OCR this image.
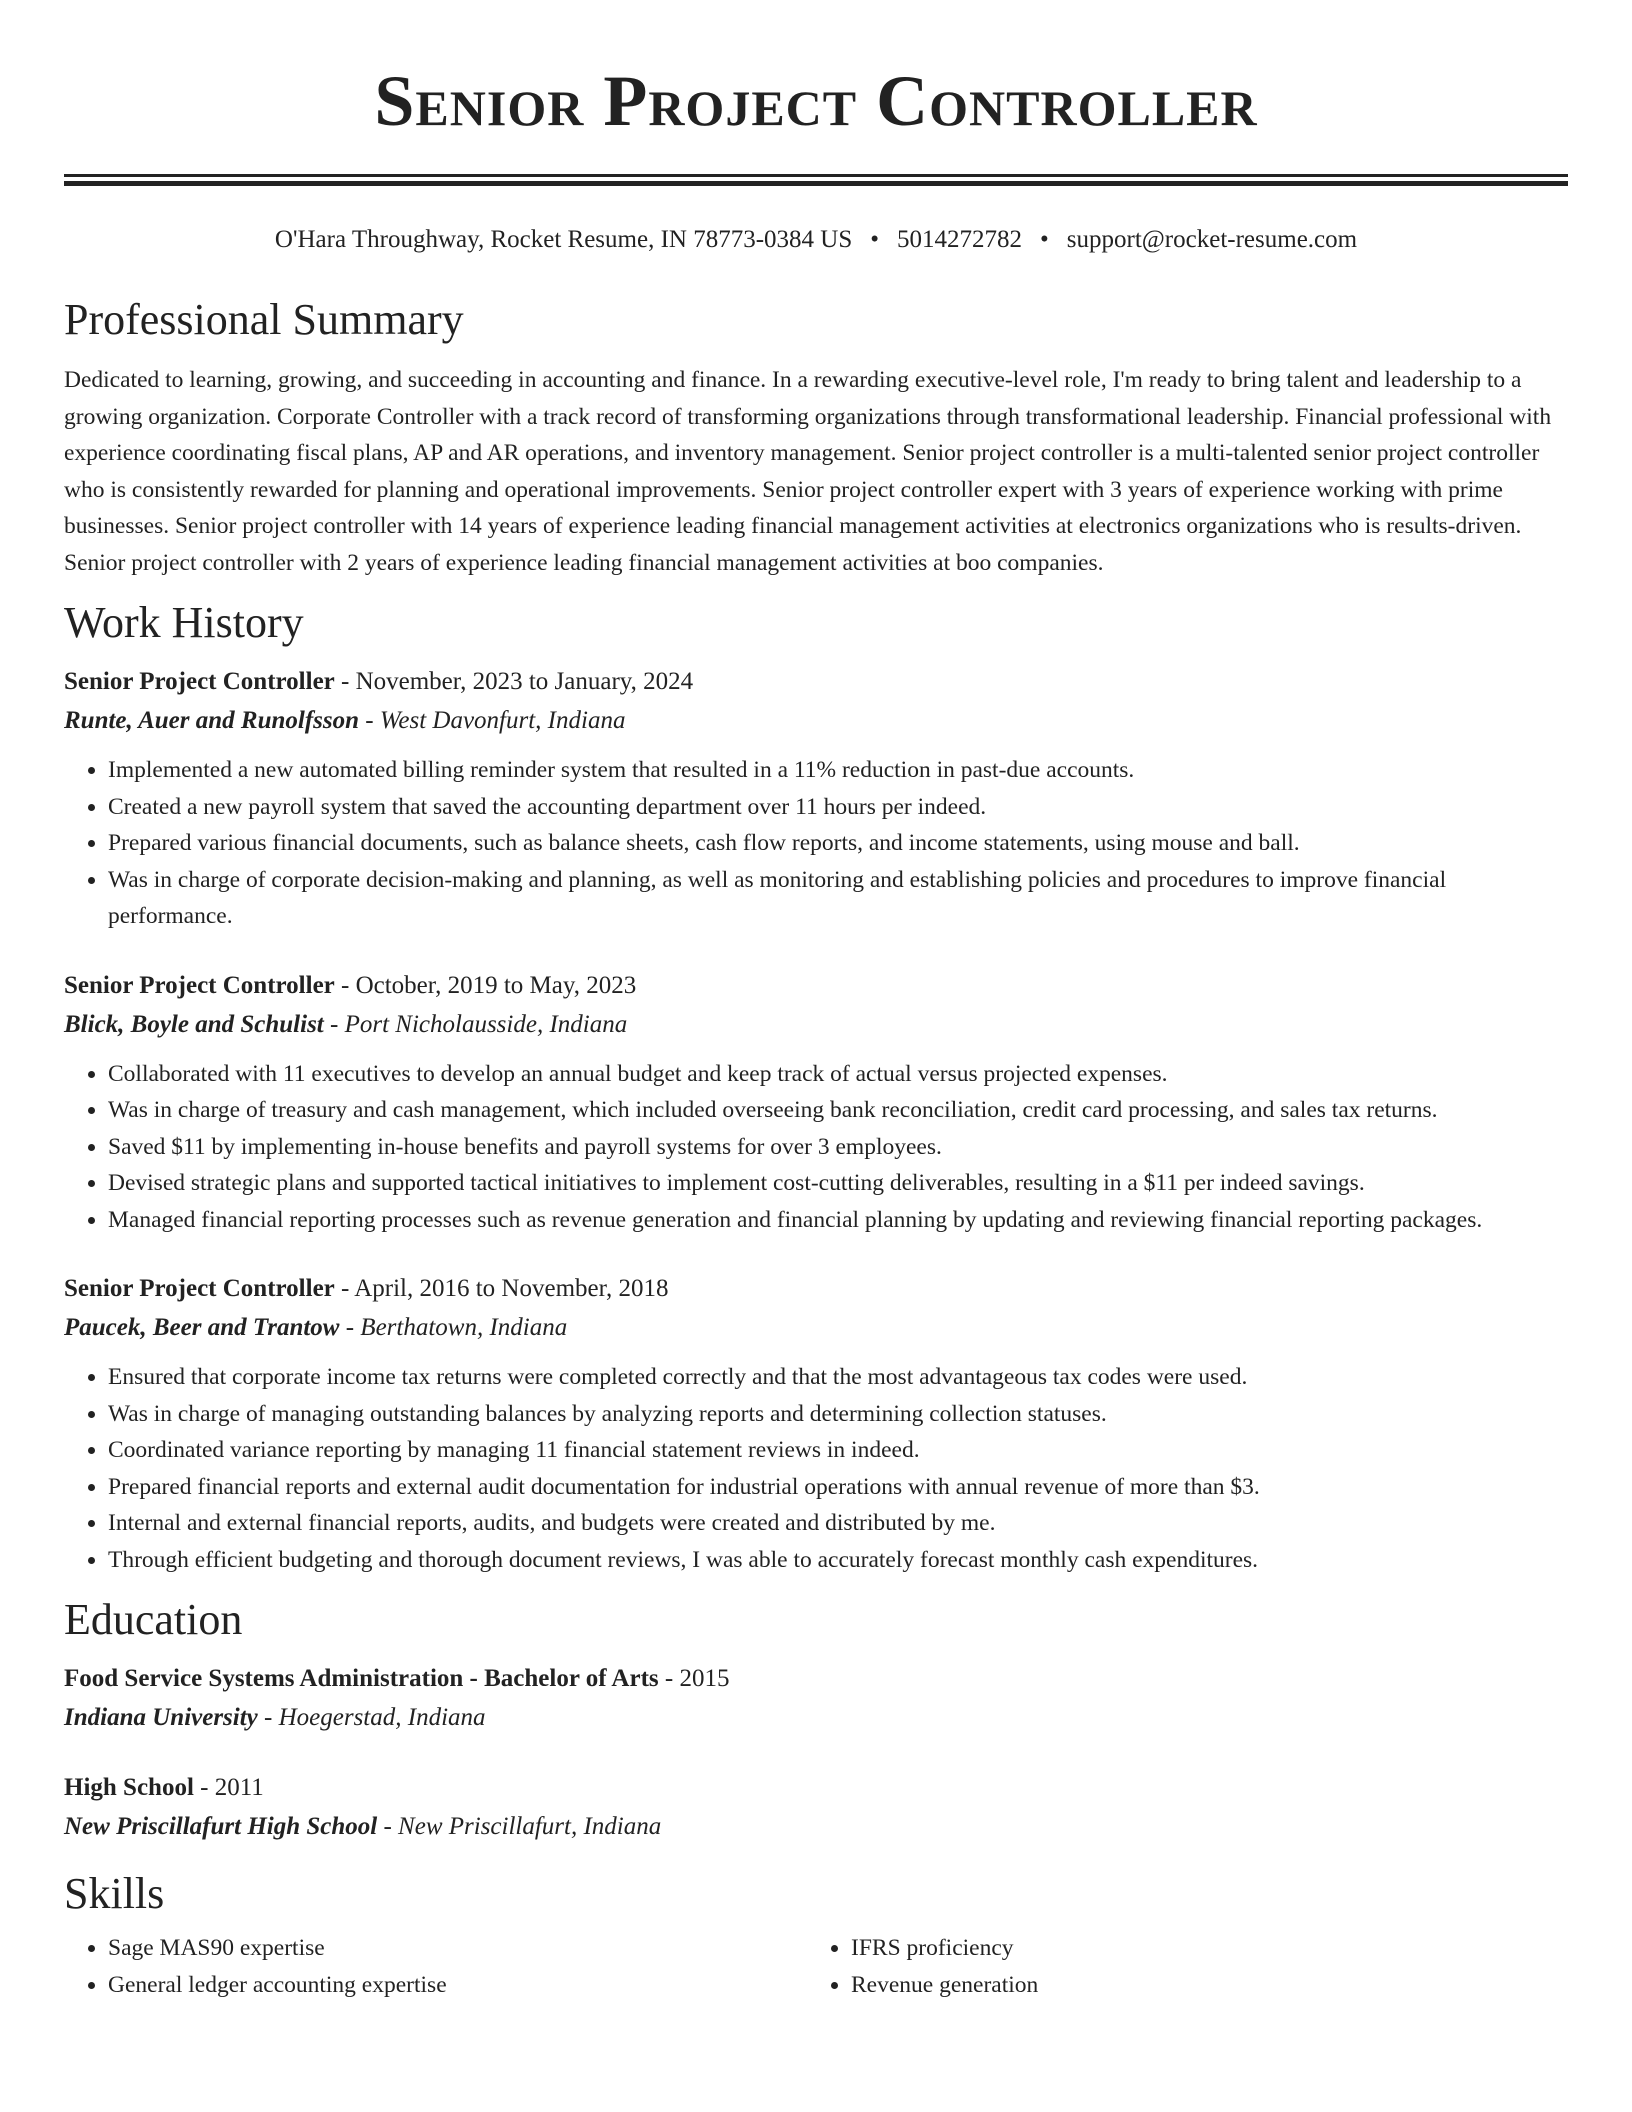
Senior Project Controller
O'Hara Throughway, Rocket Resume, IN 78773-0384 US • 5014272782 • support@rocket-resume.com
Professional Summary
Dedicated to learning, growing, and succeeding in accounting and finance. In a rewarding executive-level role, I'm ready to bring talent and leadership to a growing organization. Corporate Controller with a track record of transforming organizations through transformational leadership. Financial professional with experience coordinating fiscal plans, AP and AR operations, and inventory management. Senior project controller is a multi-talented senior project controller who is consistently rewarded for planning and operational improvements. Senior project controller expert with 3 years of experience working with prime businesses. Senior project controller with 14 years of experience leading financial management activities at electronics organizations who is results-driven. Senior project controller with 2 years of experience leading financial management activities at boo companies.
Work History
Senior Project Controller - November, 2023 to January, 2024
Runte, Auer and Runolfsson - West Davonfurt, Indiana
• Implemented a new automated billing reminder system that resulted in a 11% reduction in past-due accounts.
• Created a new payroll system that saved the accounting department over 11 hours per indeed.
• Prepared various financial documents, such as balance sheets, cash flow reports, and income statements, using mouse and ball.
• Was in charge of corporate decision-making and planning, as well as monitoring and establishing policies and procedures to improve financial performance.
Senior Project Controller - October, 2019 to May, 2023
Blick, Boyle and Schulist - Port Nicholausside, Indiana
• Collaborated with 11 executives to develop an annual budget and keep track of actual versus projected expenses.
• Was in charge of treasury and cash management, which included overseeing bank reconciliation, credit card processing, and sales tax returns.
• Saved $11 by implementing in-house benefits and payroll systems for over 3 employees.
• Devised strategic plans and supported tactical initiatives to implement cost-cutting deliverables, resulting in a $11 per indeed savings.
• Managed financial reporting processes such as revenue generation and financial planning by updating and reviewing financial reporting packages.
Senior Project Controller - April, 2016 to November, 2018
Paucek, Beer and Trantow - Berthatown, Indiana
• Ensured that corporate income tax returns were completed correctly and that the most advantageous tax codes were used.
• Was in charge of managing outstanding balances by analyzing reports and determining collection statuses.
• Coordinated variance reporting by managing 11 financial statement reviews in indeed.
• Prepared financial reports and external audit documentation for industrial operations with annual revenue of more than $3.
• Internal and external financial reports, audits, and budgets were created and distributed by me.
• Through efficient budgeting and thorough document reviews, I was able to accurately forecast monthly cash expenditures.
Education
Food Service Systems Administration - Bachelor of Arts - 2015
Indiana University - Hoegerstad, Indiana
High School - 2011
New Priscillafurt High School - New Priscillafurt, Indiana
Skills
• Sage MAS90 expertise
• General ledger accounting expertise
• IFRS proficiency
• Revenue generation
